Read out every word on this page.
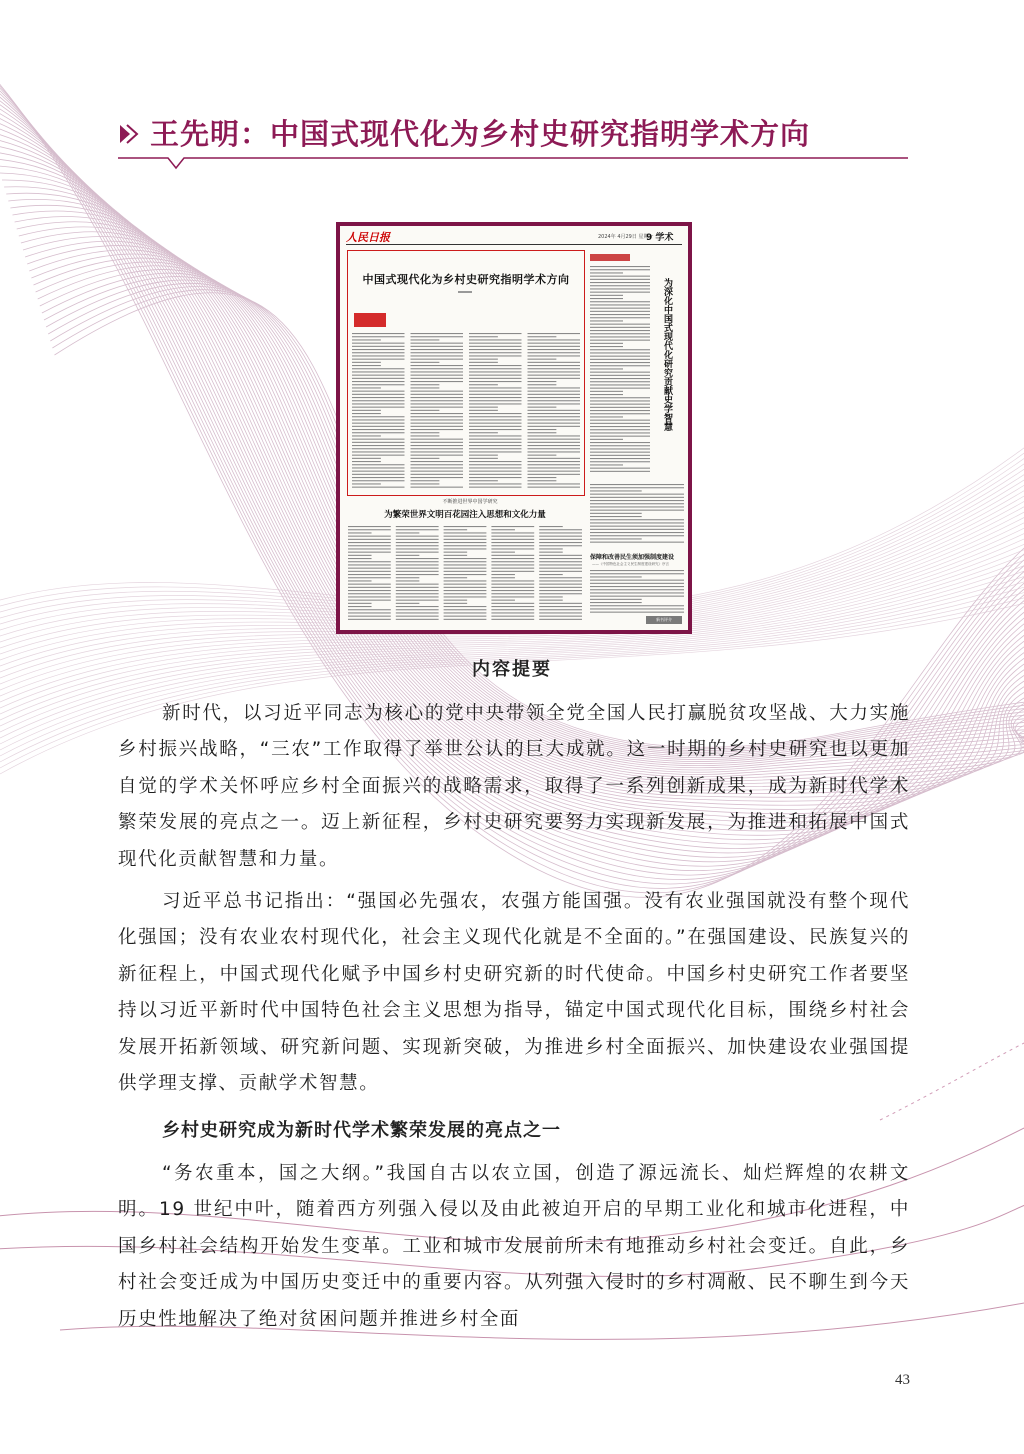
王先明：中国式现代化为乡村史研究指明学术方向
人民日报	2024年 4月29日 星期一
9 学术
中国式现代化为乡村史研究指明学术方向	为深化中国式现代化研究贡献史学智慧
不断推进世界中国学研究
为繁荣世界文明百花园注入思想和文化力量
保障和改善民生须加强制度建设
——《中国特色社会主义民生制度建设研究》序言
新书评介
内容提要

新时代，以习近平同志为核心的党中央带领全党全国人民打赢脱贫攻坚战、大力实施乡村振兴战略，“三农”工作取得了举世公认的巨大成就。这一时期的乡村史研究也以更加自觉的学术关怀呼应乡村全面振兴的战略需求，取得了一系列创新成果，成为新时代学术繁荣发展的亮点之一。迈上新征程，乡村史研究要努力实现新发展，为推进和拓展中国式现代化贡献智慧和力量。

习近平总书记指出：“强国必先强农，农强方能国强。没有农业强国就没有整个现代化强国；没有农业农村现代化，社会主义现代化就是不全面的。”在强国建设、民族复兴的新征程上，中国式现代化赋予中国乡村史研究新的时代使命。中国乡村史研究工作者要坚持以习近平新时代中国特色社会主义思想为指导，锚定中国式现代化目标，围绕乡村社会发展开拓新领域、研究新问题、实现新突破，为推进乡村全面振兴、加快建设农业强国提供学理支撑、贡献学术智慧。

乡村史研究成为新时代学术繁荣发展的亮点之一

“务农重本，国之大纲。”我国自古以农立国，创造了源远流长、灿烂辉煌的农耕文明。19 世纪中叶，随着西方列强入侵以及由此被迫开启的早期工业化和城市化进程，中国乡村社会结构开始发生变革。工业和城市发展前所未有地推动乡村社会变迁。自此，乡村社会变迁成为中国历史变迁中的重要内容。从列强入侵时的乡村凋敝、民不聊生到今天历史性地解决了绝对贫困问题并推进乡村全面

43
